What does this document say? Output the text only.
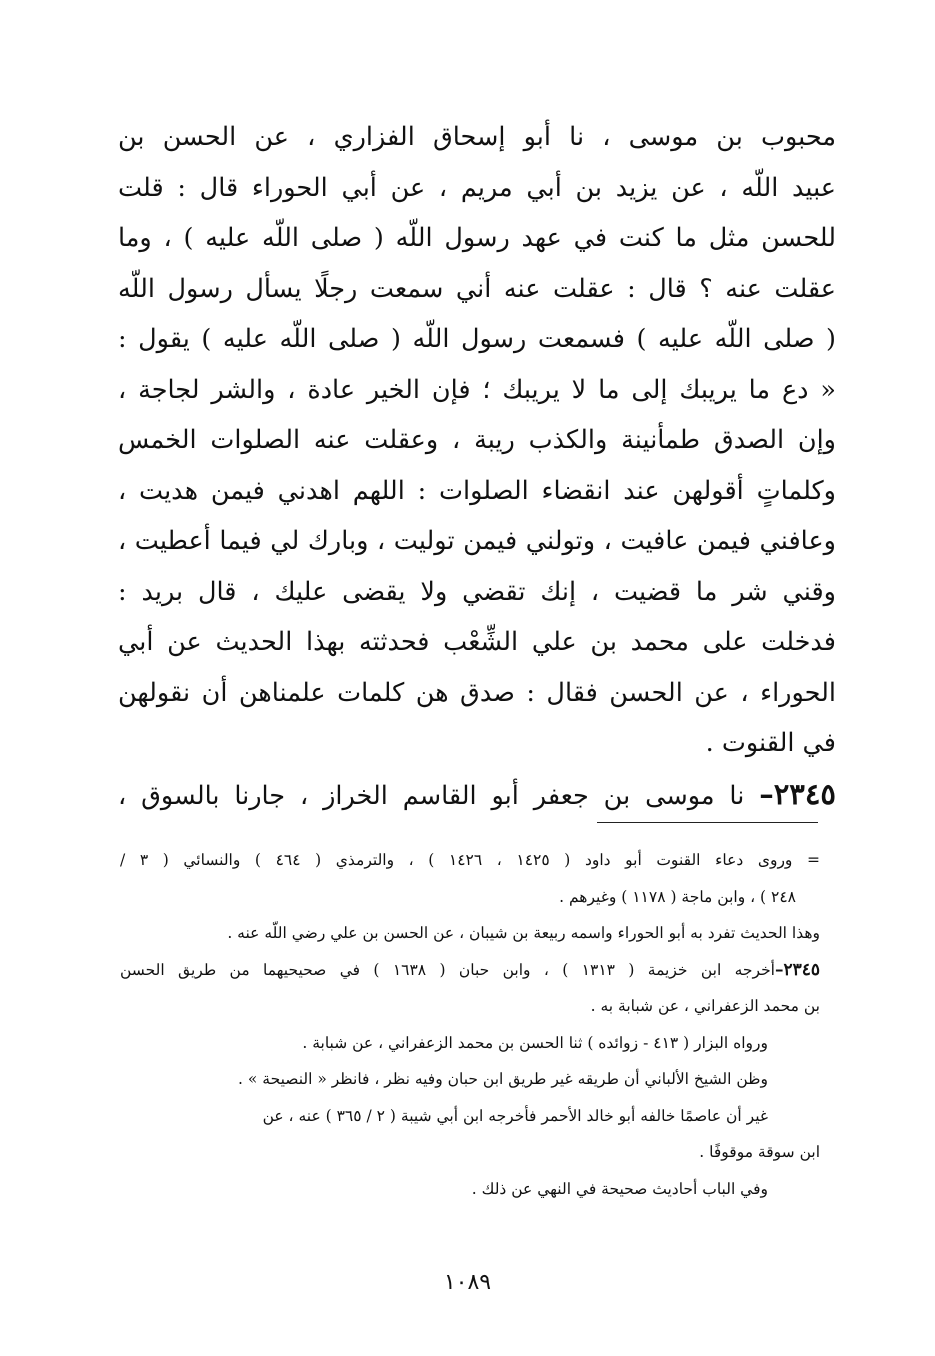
محبوب بن موسى ، نا أبو إسحاق الفزاري ، عن الحسن بن
عبيد اللّه ، عن يزيد بن أبي مريم ، عن أبي الحوراء قال : قلت
للحسن مثل ما كنت في عهد رسول اللّه ( صلى اللّه عليه ) ، وما
عقلت عنه ؟ قال : عقلت عنه أني سمعت رجلًا يسأل رسول اللّه
( صلى اللّه عليه ) فسمعت رسول اللّه ( صلى اللّه عليه ) يقول :
« دع ما يريبك إلى ما لا يريبك ؛ فإن الخير عادة ، والشر لجاجة ،
وإن الصدق طمأنينة والكذب ريبة ، وعقلت عنه الصلوات الخمس
وكلماتٍ أقولهن عند انقضاء الصلوات : اللهم اهدني فيمن هديت ،
وعافني فيمن عافيت ، وتولني فيمن توليت ، وبارك لي فيما أعطيت ،
وقني شر ما قضيت ، إنك تقضي ولا يقضى عليك ، قال بريد :
فدخلت على محمد بن علي الشِّعْب فحدثته بهذا الحديث عن أبي
الحوراء ، عن الحسن فقال : صدق هن كلمات علمناهن أن نقولهن
في القنوت .
٢٣٤٥– نا موسى بن جعفر أبو القاسم الخراز ، جارنا بالسوق ،
= وروى دعاء القنوت أبو داود ( ١٤٢٥ ، ١٤٢٦ ) ، والترمذي ( ٤٦٤ ) والنسائي ( ٣ /
٢٤٨ ) ، وابن ماجة ( ١١٧٨ ) وغيرهم .
وهذا الحديث تفرد به أبو الحوراء واسمه ربيعة بن شيبان ، عن الحسن بن علي رضي اللّه عنه .
٢٣٤٥–أخرجه ابن خزيمة ( ١٣١٣ ) ، وابن حبان ( ١٦٣٨ ) في صحيحيهما من طريق الحسن
بن محمد الزعفراني ، عن شبابة به .
ورواه البزار ( ٤١٣ - زوائده ) ثنا الحسن بن محمد الزعفراني ، عن شبابة .
وظن الشيخ الألباني أن طريقه غير طريق ابن حبان وفيه نظر ، فانظر « النصيحة » .
غير أن عاصمًا خالفه أبو خالد الأحمر فأخرجه ابن أبي شيبة ( ٢ / ٣٦٥ ) عنه ، عن
ابن سوقة موقوفًا .
وفي الباب أحاديث صحيحة في النهي عن ذلك .
١٠٨٩
